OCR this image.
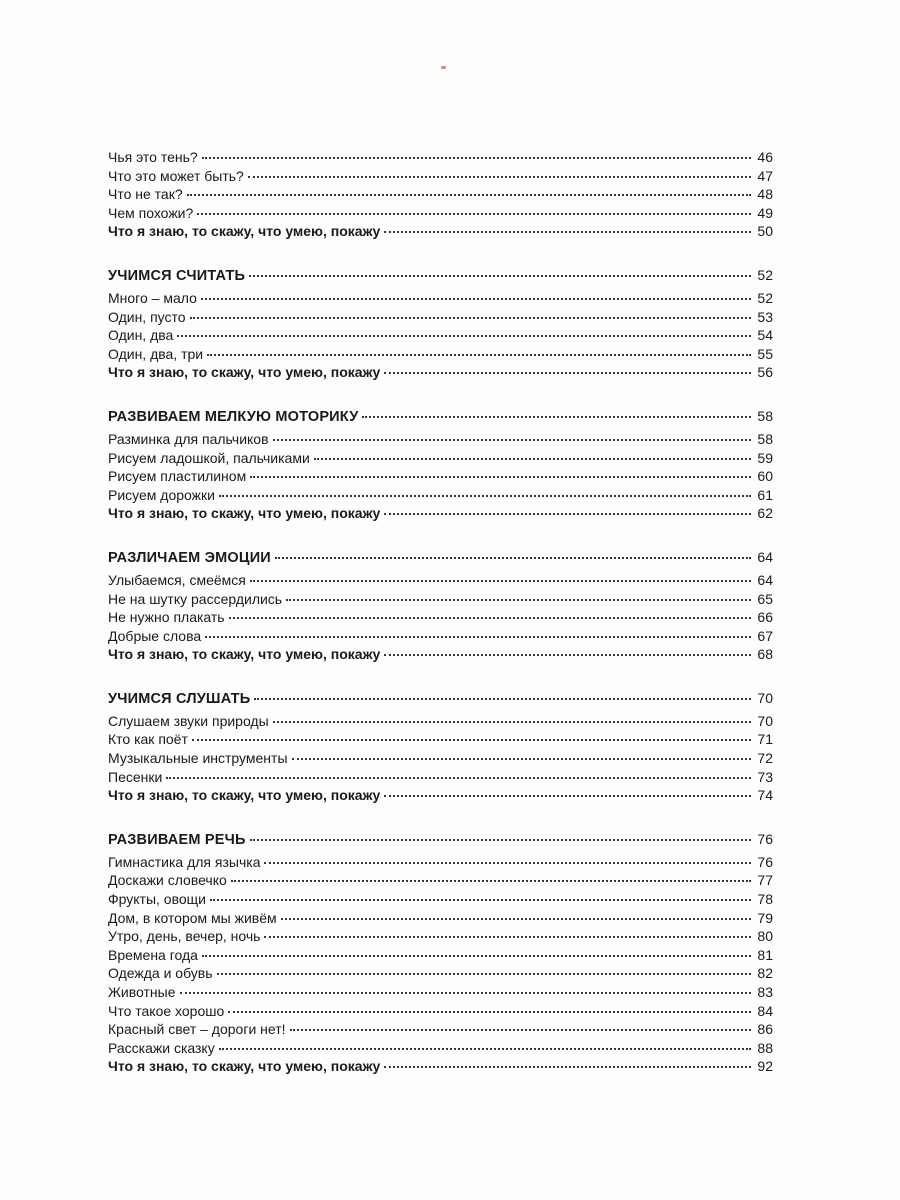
Чья это тень?	46
Что это может быть?	47
Что не так?	48
Чем похожи?	49
Что я знаю, то скажу, что умею, покажу	50
УЧИМСЯ СЧИТАТЬ	52
Много – мало	52
Один, пусто	53
Один, два	54
Один, два, три	55
Что я знаю, то скажу, что умею, покажу	56
РАЗВИВАЕМ МЕЛКУЮ МОТОРИКУ	58
Разминка для пальчиков	58
Рисуем ладошкой, пальчиками	59
Рисуем пластилином	60
Рисуем дорожки	61
Что я знаю, то скажу, что умею, покажу	62
РАЗЛИЧАЕМ ЭМОЦИИ	64
Улыбаемся, смеёмся	64
Не на шутку рассердились	65
Не нужно плакать	66
Добрые слова	67
Что я знаю, то скажу, что умею, покажу	68
УЧИМСЯ СЛУШАТЬ	70
Слушаем звуки природы	70
Кто как поёт	71
Музыкальные инструменты	72
Песенки	73
Что я знаю, то скажу, что умею, покажу	74
РАЗВИВАЕМ РЕЧЬ	76
Гимнастика для язычка	76
Доскажи словечко	77
Фрукты, овощи	78
Дом, в котором мы живём	79
Утро, день, вечер, ночь	80
Времена года	81
Одежда и обувь	82
Животные	83
Что такое хорошо	84
Красный свет – дороги нет!	86
Расскажи сказку	88
Что я знаю, то скажу, что умею, покажу	92
